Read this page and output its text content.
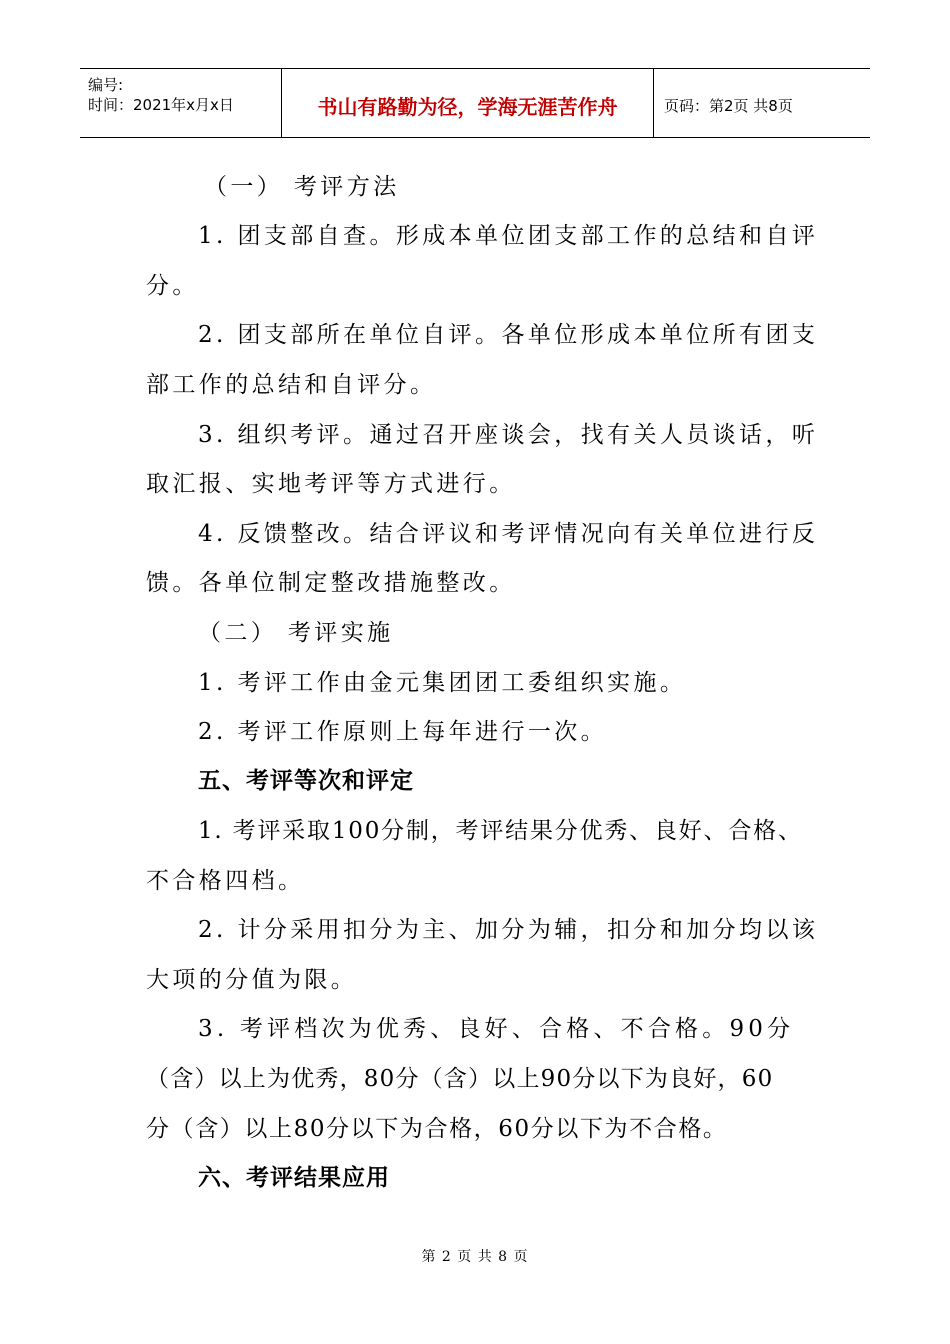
编号:
时间：2021年x月x日	书山有路勤为径，学海无涯苦作舟	页码：第2页 共8页
（一） 考评方法
1. 团支部自查。形成本单位团支部工作的总结和自评
分。
2. 团支部所在单位自评。各单位形成本单位所有团支
部工作的总结和自评分。
3. 组织考评。通过召开座谈会，找有关人员谈话，听
取汇报、实地考评等方式进行。
4. 反馈整改。结合评议和考评情况向有关单位进行反
馈。各单位制定整改措施整改。
（二） 考评实施
1. 考评工作由金元集团团工委组织实施。
2. 考评工作原则上每年进行一次。
五、考评等次和评定
1. 考评采取100分制，考评结果分优秀、良好、合格、
不合格四档。
2. 计分采用扣分为主、加分为辅，扣分和加分均以该
大项的分值为限。
3. 考评档次为优秀、良好、合格、不合格。90分
（含）以上为优秀，80分（含）以上90分以下为良好，60
分（含）以上80分以下为合格，60分以下为不合格。
六、考评结果应用
第 2 页 共 8 页
